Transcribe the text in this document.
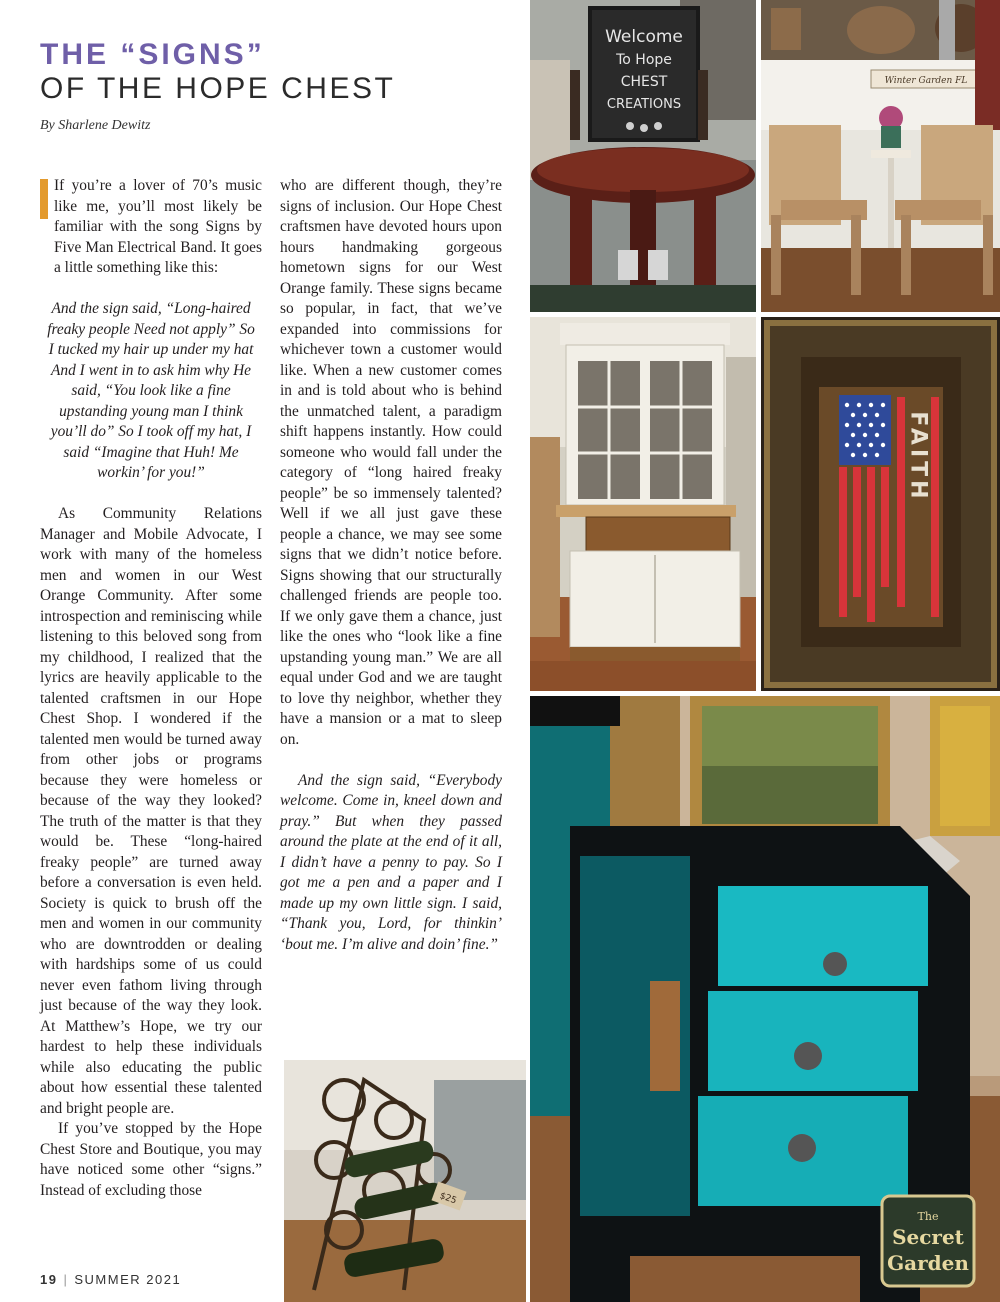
THE “SIGNS”
OF THE HOPE CHEST
By Sharlene Dewitz

If you’re a lover of 70’s music like me, you’ll most likely be familiar with the song Signs by Five Man Electrical Band. It goes a little something like this:

And the sign said, “Long-haired freaky people Need not apply” So I tucked my hair up under my hat And I went in to ask him why He said, “You look like a fine upstanding young man I think you’ll do” So I took off my hat, I said “Imagine that Huh! Me workin’ for you!”

As Community Relations Manager and Mobile Advocate, I work with many of the homeless men and women in our West Orange Community. After some introspection and reminiscing while listening to this beloved song from my childhood, I realized that the lyrics are heavily applicable to the talented craftsmen in our Hope Chest Shop. I wondered if the talented men would be turned away from other jobs or programs because they were homeless or because of the way they looked? The truth of the matter is that they would be. These “long-haired freaky people” are turned away before a conversation is even held. Society is quick to brush off the men and women in our community who are downtrodden or dealing with hardships some of us could never even fathom living through just because of the way they look. At Matthew’s Hope, we try our hardest to help these individuals while also educating the public about how essential these talented and bright people are.

If you’ve stopped by the Hope Chest Store and Boutique, you may have noticed some other “signs.” Instead of excluding those

who are different though, they’re signs of inclusion. Our Hope Chest craftsmen have devoted hours upon hours handmaking gorgeous hometown signs for our West Orange family. These signs became so popular, in fact, that we’ve expanded into commissions for whichever town a customer would like. When a new customer comes in and is told about who is behind the unmatched talent, a paradigm shift happens instantly. How could someone who would fall under the category of “long haired freaky people” be so immensely talented? Well if we all just gave these people a chance, we may see some signs that we didn’t notice before. Signs showing that our structurally challenged friends are people too. If we only gave them a chance, just like the ones who “look like a fine upstanding young man.” We are all equal under God and we are taught to love thy neighbor, whether they have a mansion or a mat to sleep on.

And the sign said, “Everybody welcome. Come in, kneel down and pray.” But when they passed around the plate at the end of it all, I didn’t have a penny to pay. So I got me a pen and a paper and I made up my own little sign. I said, “Thank you, Lord, for thinkin’ ‘bout me. I’m alive and doin’ fine.”

Welcome
To Hope
CHEST
CREATIONS
Winter Garden FL
FAITH
The
Secret
Garden
$25
19 | SUMMER 2021
